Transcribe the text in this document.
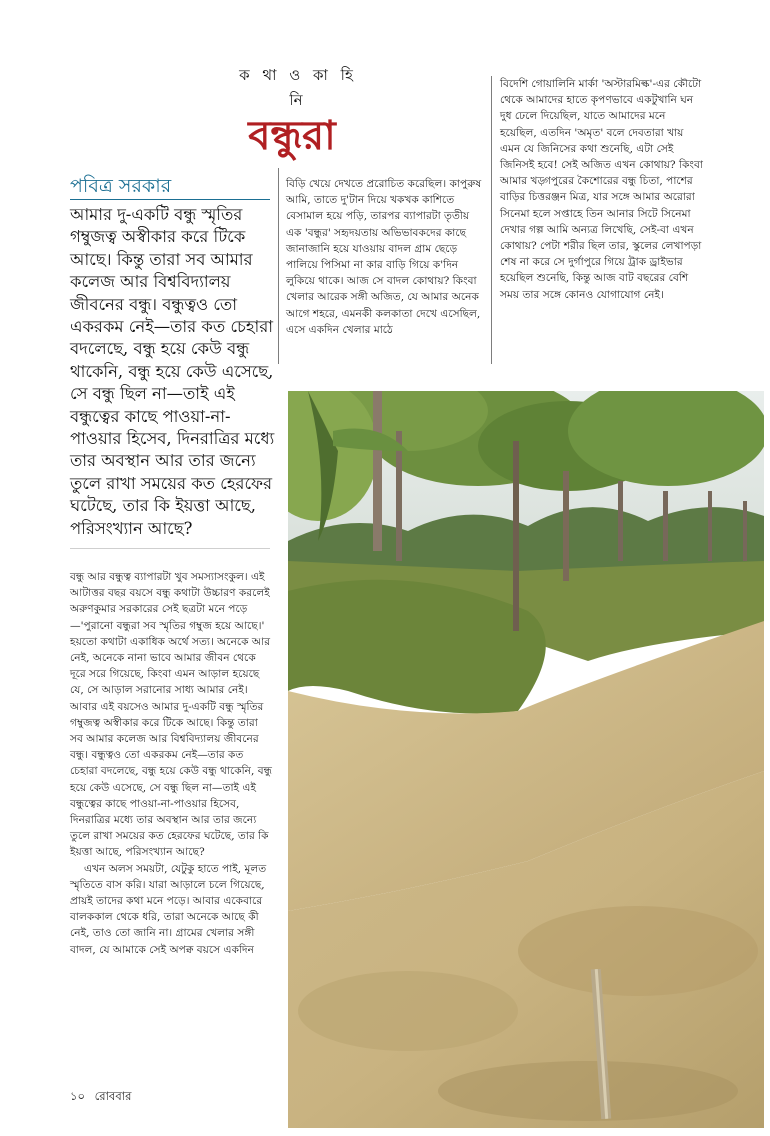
ক থা ও কা হি নি
বন্ধুরা
পবিত্র সরকার
আমার দু-একটি বন্ধু স্মৃতির গম্বুজত্ব অস্বীকার করে টিকে আছে। কিন্তু তারা সব আমার কলেজ আর বিশ্ববিদ্যালয় জীবনের বন্ধু। বন্ধুত্বও তো একরকম নেই—তার কত চেহারা বদলেছে, বন্ধু হয়ে কেউ বন্ধু থাকেনি, বন্ধু হয়ে কেউ এসেছে, সে বন্ধু ছিল না—তাই এই বন্ধুত্বের কাছে পাওয়া-না-পাওয়ার হিসেব, দিনরাত্রির মধ্যে তার অবস্থান আর তার জন্যে তুলে রাখা সময়ের কত হেরফের ঘটেছে, তার কি ইয়ত্তা আছে, পরিসংখ্যান আছে?

বন্ধু আর বন্ধুত্ব ব্যাপারটা খুব সমস্যাসংকুল। এই আটাত্তর বছর বয়সে বন্ধু কথাটা উচ্চারণ করলেই অরুণকুমার সরকারের সেই ছত্রটা মনে পড়ে—'পুরানো বন্ধুরা সব স্মৃতির গম্বুজ হয়ে আছে।' হয়তো কথাটা একাধিক অর্থে সত্য। অনেকে আর নেই, অনেকে নানা ভাবে আমার জীবন থেকে দূরে সরে গিয়েছে, কিংবা এমন আড়াল হয়েছে যে, সে আড়াল সরানোর সাধ্য আমার নেই। আবার এই বয়সেও আমার দু-একটি বন্ধু স্মৃতির গম্বুজত্ব অস্বীকার করে টিকে আছে। কিন্তু তারা সব আমার কলেজ আর বিশ্ববিদ্যালয় জীবনের বন্ধু। বন্ধুত্বও তো একরকম নেই—তার কত চেহারা বদলেছে, বন্ধু হয়ে কেউ বন্ধু থাকেনি, বন্ধু হয়ে কেউ এসেছে, সে বন্ধু ছিল না—তাই এই বন্ধুত্বের কাছে পাওয়া-না-পাওয়ার হিসেব, দিনরাত্রির মধ্যে তার অবস্থান আর তার জন্যে তুলে রাখা সময়ের কত হেরফের ঘটেছে, তার কি ইয়ত্তা আছে, পরিসংখ্যান আছে?

এখন অলস সময়টা, যেটুকু হাতে পাই, মূলত স্মৃতিতে বাস করি। যারা আড়ালে চলে গিয়েছে, প্রায়ই তাদের কথা মনে পড়ে। আবার একেবারে বালককাল থেকে ধরি, তারা অনেকে আছে কী নেই, তাও তো জানি না। গ্রামের খেলার সঙ্গী বাদল, যে আমাকে সেই অপক্ব বয়সে একদিন

বিড়ি খেয়ে দেখতে প্ররোচিত করেছিল। কাপুরুষ আমি, তাতে দু'টান দিয়ে খকখক কাশিতে বেসামাল হয়ে পড়ি, তারপর ব্যাপারটা তৃতীয় এক 'বন্ধুর' সহৃদয়তায় অভিভাবকদের কাছে জানাজানি হয়ে যাওয়ায় বাদল গ্রাম ছেড়ে পালিয়ে পিসিমা না কার বাড়ি গিয়ে ক'দিন লুকিয়ে থাকে। আজ সে বাদল কোথায়? কিংবা খেলার আরেক সঙ্গী অজিত, যে আমার অনেক আগে শহরে, এমনকী কলকাতা দেখে এসেছিল, এসে একদিন খেলার মাঠে
বিদেশি গোয়ালিনি মার্কা 'অস্টারমিল্ক'-এর কৌটো থেকে আমাদের হাতে কৃপণভাবে একটুখানি ঘন দুধ ঢেলে দিয়েছিল, যাতে আমাদের মনে হয়েছিল, এতদিন 'অমৃত' বলে দেবতারা খায় এমন যে জিনিসের কথা শুনেছি, এটা সেই জিনিসই হবে! সেই অজিত এখন কোথায়? কিংবা আমার খড়্গপুরের কৈশোরের বন্ধু চিতা, পাশের বাড়ির চিত্তরঞ্জন মিত্র, যার সঙ্গে আমার অরোরা সিনেমা হলে সপ্তাহে তিন আনার সিটে সিনেমা দেখার গল্প আমি অন্যত্র লিখেছি, সেই-বা এখন কোথায়? পেটা শরীর ছিল তার, স্কুলের লেখাপড়া শেষ না করে সে দুর্গাপুরে গিয়ে ট্রাক ড্রাইভার হয়েছিল শুনেছি, কিন্তু আজ বাট বছরের বেশি সময় তার সঙ্গে কোনও যোগাযোগ নেই।
১০ রোববার
